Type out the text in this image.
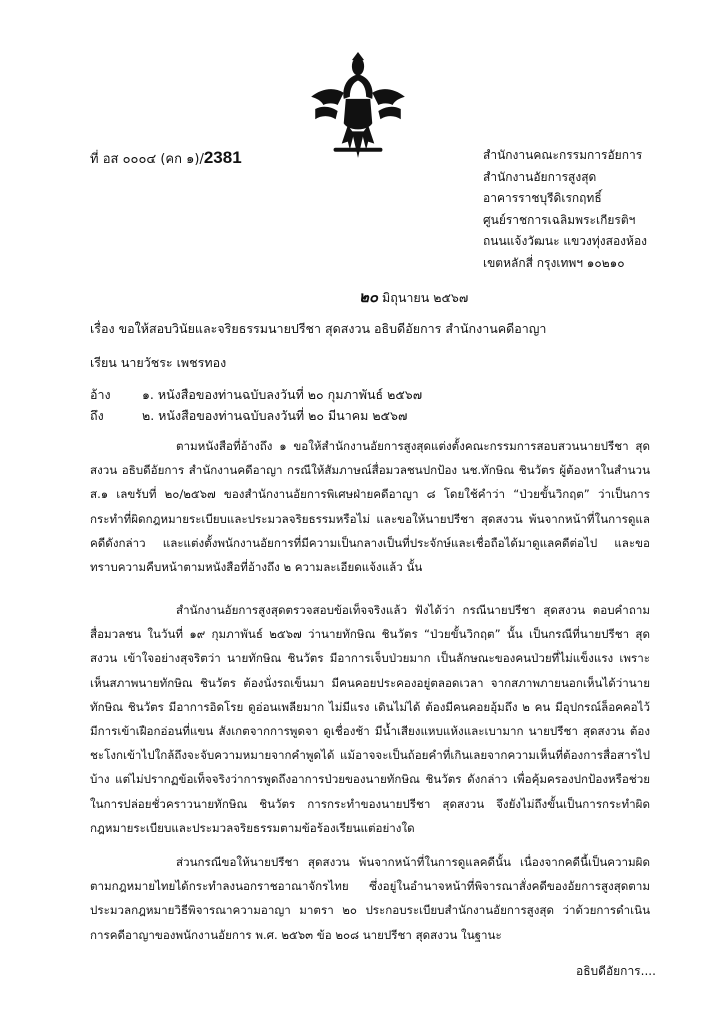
ที่ อส ๐๐๐๔ (คก ๑)/2381	สำนักงานคณะกรรมการอัยการ
สำนักงานอัยการสูงสุด
อาคารราชบุรีดิเรกฤทธิ์
ศูนย์ราชการเฉลิมพระเกียรติฯ
ถนนแจ้งวัฒนะ แขวงทุ่งสองห้อง
เขตหลักสี่ กรุงเทพฯ ๑๐๒๑๐
๒๐ มิถุนายน ๒๕๖๗
เรื่อง ขอให้สอบวินัยและจริยธรรมนายปรีชา สุดสงวน อธิบดีอัยการ สำนักงานคดีอาญา
เรียน นายวัชระ เพชรทอง
อ้างถึง
๑. หนังสือของท่านฉบับลงวันที่ ๒๐ กุมภาพันธ์ ๒๕๖๗
๒. หนังสือของท่านฉบับลงวันที่ ๒๐ มีนาคม ๒๕๖๗

ตามหนังสือที่อ้างถึง ๑ ขอให้สำนักงานอัยการสูงสุดแต่งตั้งคณะกรรมการสอบสวนนายปรีชา สุดสงวน อธิบดีอัยการ สำนักงานคดีอาญา กรณีให้สัมภาษณ์สื่อมวลชนปกป้อง นช.ทักษิณ ชินวัตร ผู้ต้องหาในสำนวน ส.๑ เลขรับที่ ๒๐/๒๕๖๗ ของสำนักงานอัยการพิเศษฝ่ายคดีอาญา ๘ โดยใช้คำว่า “ป่วยขั้นวิกฤต” ว่าเป็นการกระทำที่ผิดกฎหมายระเบียบและประมวลจริยธรรมหรือไม่ และขอให้นายปรีชา สุดสงวน พ้นจากหน้าที่ในการดูแลคดีดังกล่าว และแต่งตั้งพนักงานอัยการที่มีความเป็นกลางเป็นที่ประจักษ์และเชื่อถือได้มาดูแลคดีต่อไป และขอทราบความคืบหน้าตามหนังสือที่อ้างถึง ๒ ความละเอียดแจ้งแล้ว นั้น

สำนักงานอัยการสูงสุดตรวจสอบข้อเท็จจริงแล้ว ฟังได้ว่า กรณีนายปรีชา สุดสงวน ตอบคำถามสื่อมวลชน ในวันที่ ๑๙ กุมภาพันธ์ ๒๕๖๗ ว่านายทักษิณ ชินวัตร “ป่วยขั้นวิกฤต” นั้น เป็นกรณีที่นายปรีชา สุดสงวน เข้าใจอย่างสุจริตว่า นายทักษิณ ชินวัตร มีอาการเจ็บป่วยมาก เป็นลักษณะของคนป่วยที่ไม่แข็งแรง เพราะเห็นสภาพนายทักษิณ ชินวัตร ต้องนั่งรถเข็นมา มีคนคอยประคองอยู่ตลอดเวลา จากสภาพภายนอกเห็นได้ว่านายทักษิณ ชินวัตร มีอาการอิดโรย ดูอ่อนเพลียมาก ไม่มีแรง เดินไม่ได้ ต้องมีคนคอยอุ้มถึง ๒ คน มีอุปกรณ์ล็อคคอไว้ มีการเข้าเฝือกอ่อนที่แขน สังเกตจากการพูดจา ดูเชื่องช้า มีน้ำเสียงแหบแห้งและเบามาก นายปรีชา สุดสงวน ต้องชะโงกเข้าไปใกล้ถึงจะจับความหมายจากคำพูดได้ แม้อาจจะเป็นถ้อยคำที่เกินเลยจากความเห็นที่ต้องการสื่อสารไปบ้าง แต่ไม่ปรากฏข้อเท็จจริงว่าการพูดถึงอาการป่วยของนายทักษิณ ชินวัตร ดังกล่าว เพื่อคุ้มครองปกป้องหรือช่วยในการปล่อยชั่วคราวนายทักษิณ ชินวัตร การกระทำของนายปรีชา สุดสงวน จึงยังไม่ถึงขั้นเป็นการกระทำผิดกฎหมายระเบียบและประมวลจริยธรรมตามข้อร้องเรียนแต่อย่างใด

ส่วนกรณีขอให้นายปรีชา สุดสงวน พ้นจากหน้าที่ในการดูแลคดีนั้น เนื่องจากคดีนี้เป็นความผิดตามกฎหมายไทยได้กระทำลงนอกราชอาณาจักรไทย ซึ่งอยู่ในอำนาจหน้าที่พิจารณาสั่งคดีของอัยการสูงสุดตามประมวลกฎหมายวิธีพิจารณาความอาญา มาตรา ๒๐ ประกอบระเบียบสำนักงานอัยการสูงสุด ว่าด้วยการดำเนินการคดีอาญาของพนักงานอัยการ พ.ศ. ๒๕๖๓ ข้อ ๒๐๘ นายปรีชา สุดสงวน ในฐานะ

อธิบดีอัยการ....
